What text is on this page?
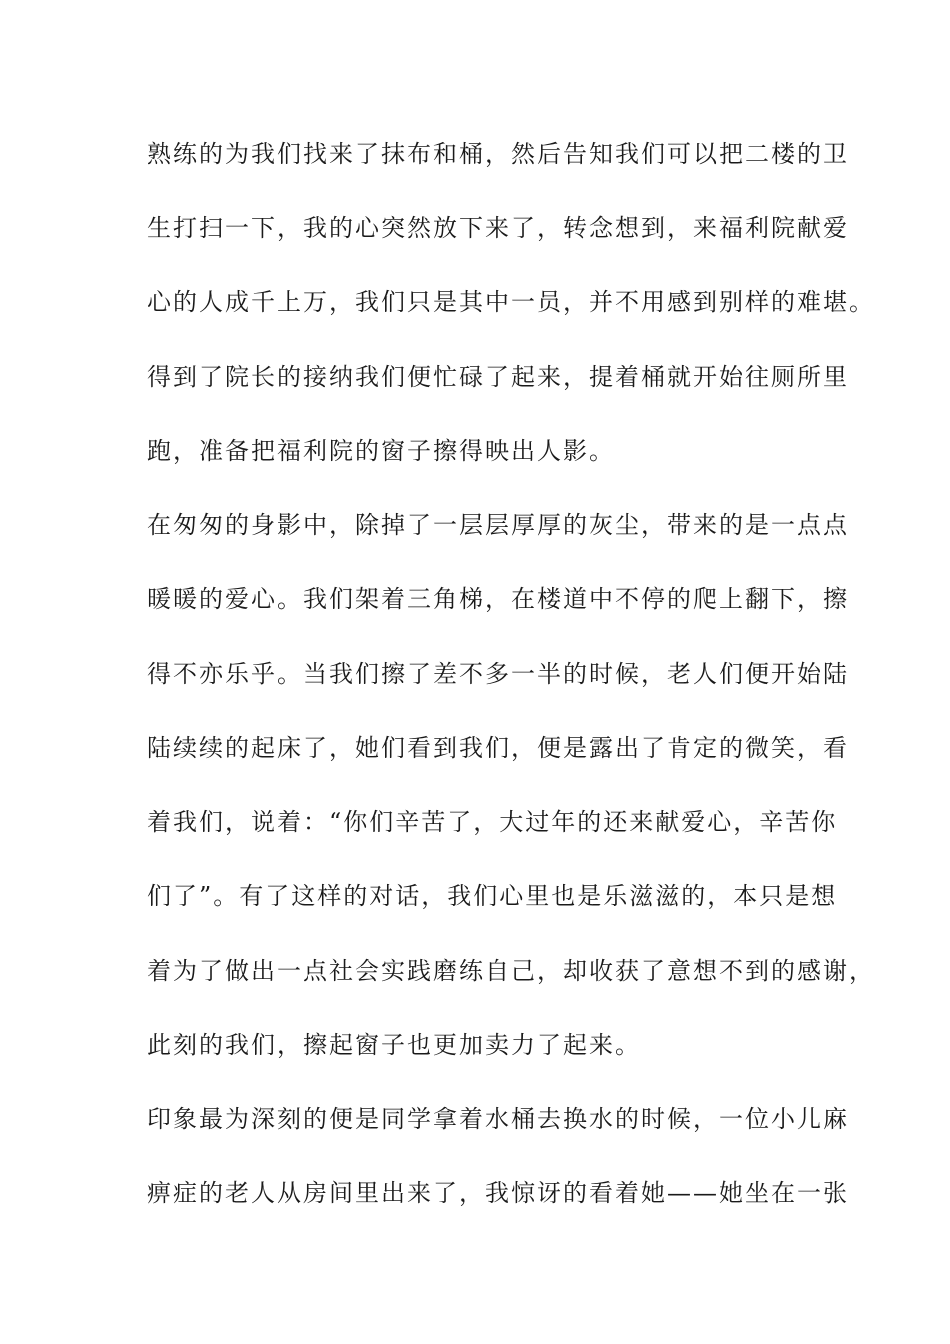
熟练的为我们找来了抹布和桶，然后告知我们可以把二楼的卫
生打扫一下，我的心突然放下来了，转念想到，来福利院献爱
心的人成千上万，我们只是其中一员，并不用感到别样的难堪。
得到了院长的接纳我们便忙碌了起来，提着桶就开始往厕所里
跑，准备把福利院的窗子擦得映出人影。
在匆匆的身影中，除掉了一层层厚厚的灰尘，带来的是一点点
暖暖的爱心。我们架着三角梯，在楼道中不停的爬上翻下，擦
得不亦乐乎。当我们擦了差不多一半的时候，老人们便开始陆
陆续续的起床了，她们看到我们，便是露出了肯定的微笑，看
着我们，说着：“你们辛苦了，大过年的还来献爱心，辛苦你
们了”。有了这样的对话，我们心里也是乐滋滋的，本只是想
着为了做出一点社会实践磨练自己，却收获了意想不到的感谢，
此刻的我们，擦起窗子也更加卖力了起来。
印象最为深刻的便是同学拿着水桶去换水的时候，一位小儿麻
痹症的老人从房间里出来了，我惊讶的看着她——她坐在一张
